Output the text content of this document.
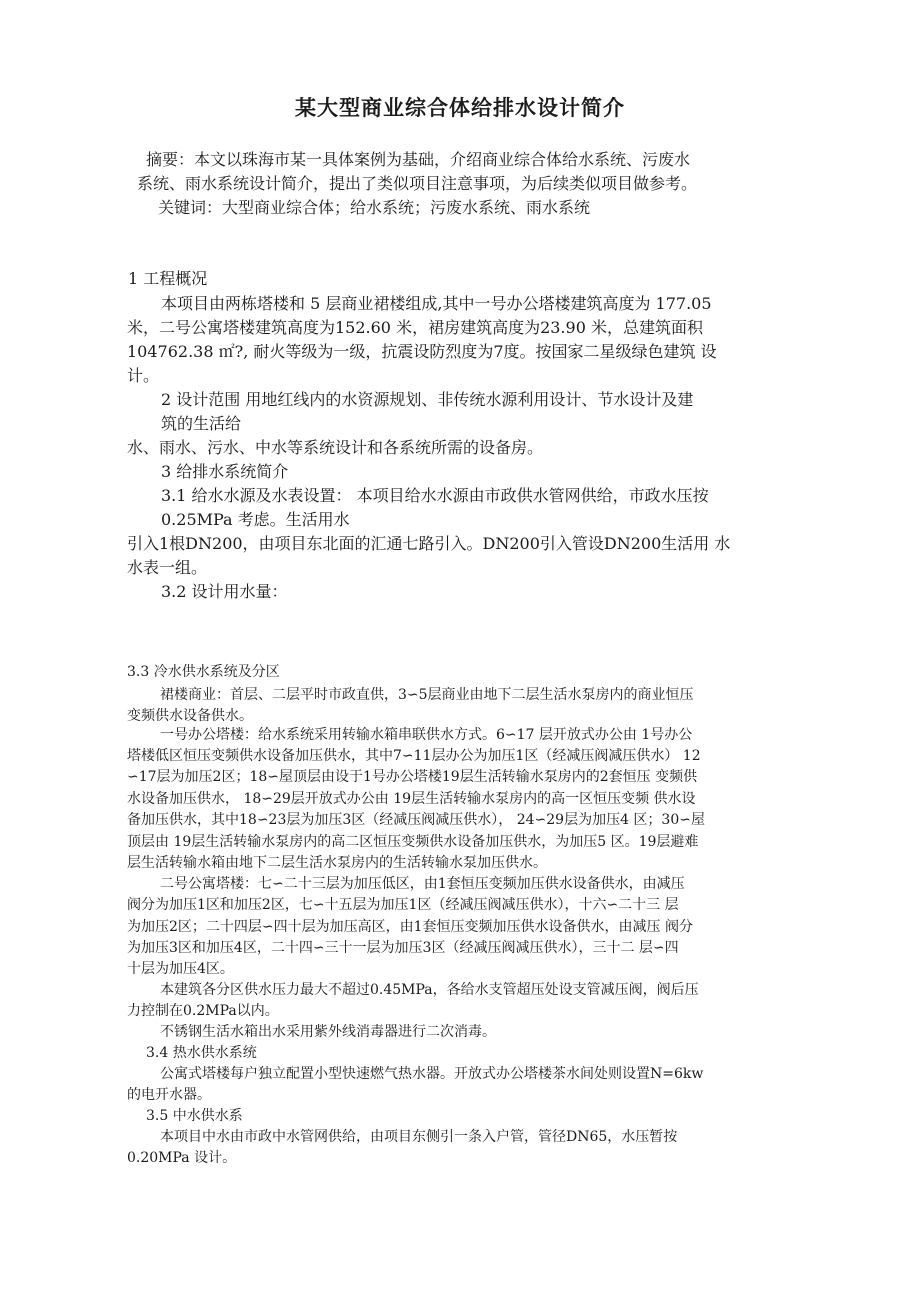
某大型商业综合体给排水设计简介

摘要：本文以珠海市某一具体案例为基础，介绍商业综合体给水系统、污废水

系统、雨水系统设计简介，提出了类似项目注意事项，为后续类似项目做参考。

关键词：大型商业综合体；给水系统；污废水系统、雨水系统

1 工程概况

本项目由两栋塔楼和 5 层商业裙楼组成,其中一号办公塔楼建筑高度为 177.05

米，二号公寓塔楼建筑高度为152.60 米，裙房建筑高度为23.90 米，总建筑面积

104762.38 ㎡?, 耐火等级为一级，抗震设防烈度为7度。按国家二星级绿色建筑 设

计。

2 设计范围 用地红线内的水资源规划、非传统水源利用设计、节水设计及建

筑的生活给

水、雨水、污水、中水等系统设计和各系统所需的设备房。

3 给排水系统简介

3.1 给水水源及水表设置： 本项目给水水源由市政供水管网供给，市政水压按

0.25MPa 考虑。生活用水

引入1根DN200，由项目东北面的汇通七路引入。DN200引入管设DN200生活用 水

水表一组。

3.2 设计用水量：

3.3 冷水供水系统及分区

裙楼商业：首层、二层平时市政直供，3∽5层商业由地下二层生活水泵房内的商业恒压

变频供水设备供水。

一号办公塔楼：给水系统采用转输水箱串联供水方式。6∽17 层开放式办公由 1号办公

塔楼低区恒压变频供水设备加压供水，其中7∽11层办公为加压1区（经减压阀减压供水） 12

∽17层为加压2区；18∽屋顶层由设于1号办公塔楼19层生活转输水泵房内的2套恒压 变频供

水设备加压供水， 18∽29层开放式办公由 19层生活转输水泵房内的高一区恒压变频 供水设

备加压供水，其中18∽23层为加压3区（经减压阀减压供水）， 24∽29层为加压4 区；30∽屋

顶层由 19层生活转输水泵房内的高二区恒压变频供水设备加压供水，为加压5 区。19层避难

层生活转输水箱由地下二层生活水泵房内的生活转输水泵加压供水。

二号公寓塔楼：七∽二十三层为加压低区，由1套恒压变频加压供水设备供水，由减压

阀分为加压1区和加压2区，七∽十五层为加压1区（经减压阀减压供水），十六∽二十三 层

为加压2区；二十四层∽四十层为加压高区，由1套恒压变频加压供水设备供水，由减压 阀分

为加压3区和加压4区，二十四∽三十一层为加压3区（经减压阀减压供水），三十二 层∽四

十层为加压4区。

本建筑各分区供水压力最大不超过0.45MPa，各给水支管超压处设支管减压阀，阀后压

力控制在0.2MPa以内。

不锈钢生活水箱出水采用紫外线消毒器进行二次消毒。

3.4 热水供水系统

公寓式塔楼每户独立配置小型快速燃气热水器。开放式办公塔楼茶水间处则设置N=6kw

的电开水器。

3.5 中水供水系

本项目中水由市政中水管网供给，由项目东侧引一条入户管，管径DN65，水压暂按

0.20MPa 设计。
